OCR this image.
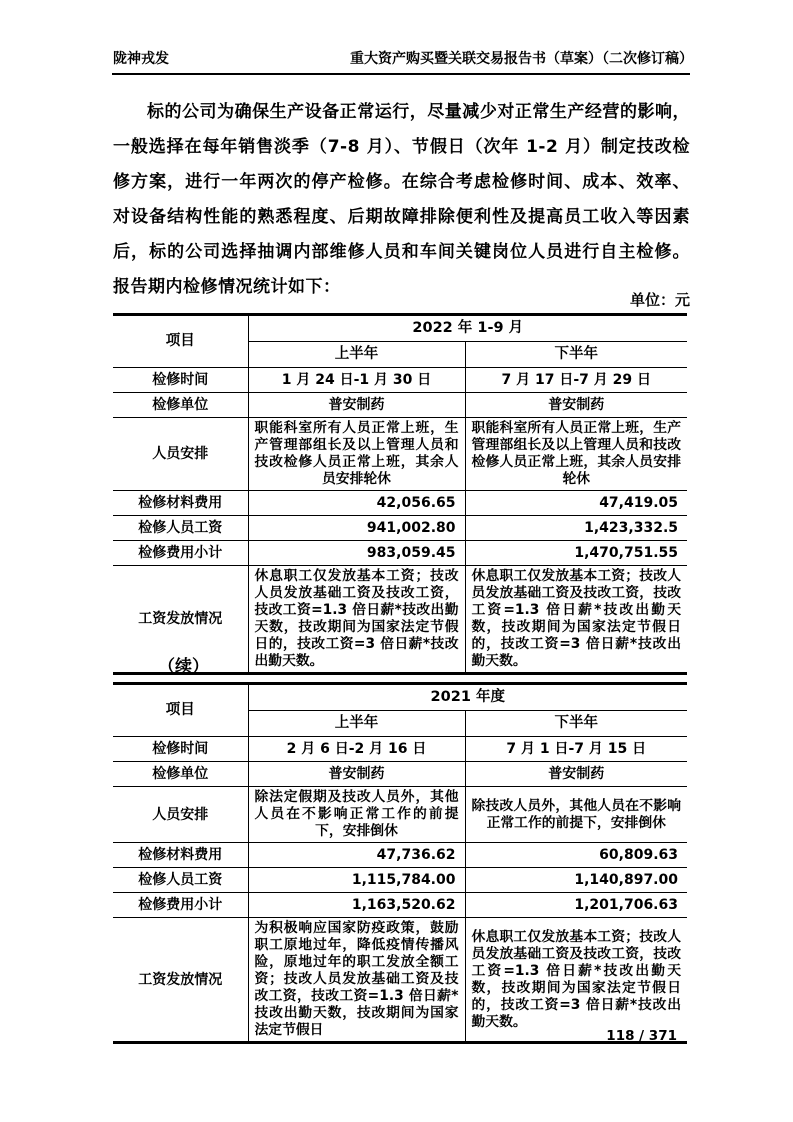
陇神戎发	重大资产购买暨关联交易报告书（草案）（二次修订稿）

标的公司为确保生产设备正常运行，尽量减少对正常生产经营的影响，一般选择在每年销售淡季（7-8 月）、节假日（次年 1-2 月）制定技改检修方案，进行一年两次的停产检修。在综合考虑检修时间、成本、效率、对设备结构性能的熟悉程度、后期故障排除便利性及提高员工收入等因素后，标的公司选择抽调内部维修人员和车间关键岗位人员进行自主检修。报告期内检修情况统计如下：

单位：元
项目	2022 年 1-9 月	
	上半年	下半年
检修时间	1 月 24 日-1 月 30 日	7 月 17 日-7 月 29 日
检修单位	普安制药	普安制药
人员安排	职能科室所有人员正常上班，生产管理部组长及以上管理人员和技改检修人员正常上班，其余人员安排轮休	职能科室所有人员正常上班，生产管理部组长及以上管理人员和技改检修人员正常上班，其余人员安排轮休
检修材料费用	42,056.65	47,419.05
检修人员工资	941,002.80	1,423,332.5
检修费用小计	983,059.45	1,470,751.55
工资发放情况	休息职工仅发放基本工资；技改人员发放基础工资及技改工资，技改工资=1.3 倍日薪*技改出勤天数，技改期间为国家法定节假日的，技改工资=3 倍日薪*技改出勤天数。	休息职工仅发放基本工资；技改人员发放基础工资及技改工资，技改工资=1.3 倍日薪*技改出勤天数，技改期间为国家法定节假日的，技改工资=3 倍日薪*技改出勤天数。
（续）
项目	2021 年度	
	上半年	下半年
检修时间	2 月 6 日-2 月 16 日	7 月 1 日-7 月 15 日
检修单位	普安制药	普安制药
人员安排	除法定假期及技改人员外，其他人员在不影响正常工作的前提下，安排倒休	除技改人员外，其他人员在不影响正常工作的前提下，安排倒休
检修材料费用	47,736.62	60,809.63
检修人员工资	1,115,784.00	1,140,897.00
检修费用小计	1,163,520.62	1,201,706.63
工资发放情况	为积极响应国家防疫政策，鼓励职工原地过年，降低疫情传播风险，原地过年的职工发放全额工资；技改人员发放基础工资及技改工资，技改工资=1.3 倍日薪*技改出勤天数，技改期间为国家法定节假日	休息职工仅发放基本工资；技改人员发放基础工资及技改工资，技改工资=1.3 倍日薪*技改出勤天数，技改期间为国家法定节假日的，技改工资=3 倍日薪*技改出勤天数。
118 / 371
